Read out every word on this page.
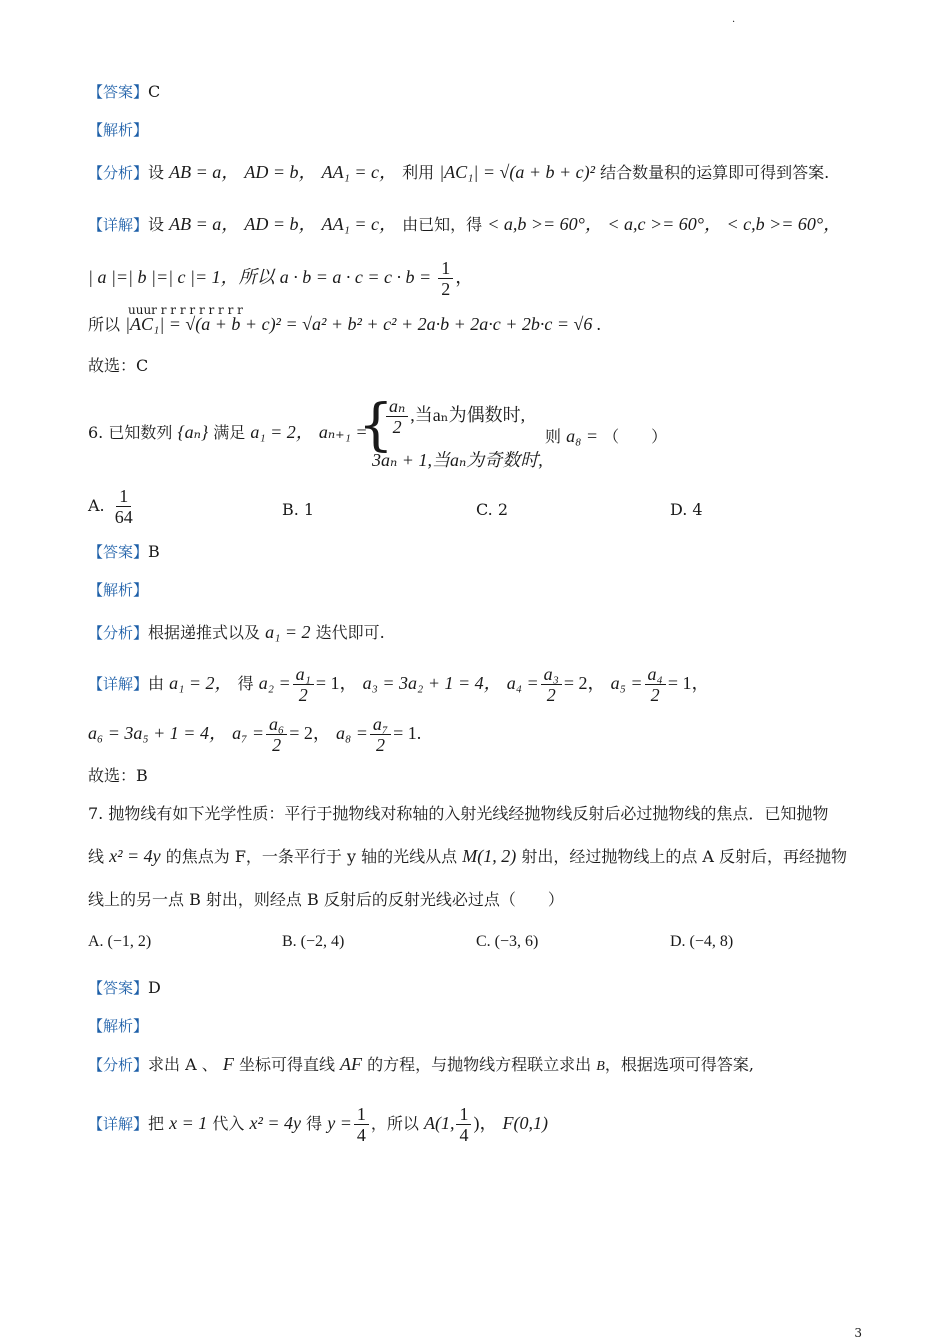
.
【答案】C
【解析】
【分析】设 AB = a， AD = b， AA₁ = c， 利用 |AC₁| = √(a + b + c)² 结合数量积的运算即可得到答案.
【详解】设 AB = a， AD = b， AA₁ = c， 由已知，得 < a,b >= 60°， < a,c >= 60°， < c,b >= 60°，
| a |=| b |=| c |= 1，所以 $a \cdot b = a \cdot c = c \cdot b = \frac{1}{2}$ ，
uuur r r r r r r r r r
所以 |AC₁| = √(a + b + c)² = √a² + b² + c² + 2a·b + 2a·c + 2b·c = √6 .
故选：C
6. 已知数列 {aₙ} 满足 a₁ = 2， aₙ₊₁ =
{
$\frac{\text{aₙ}}{2}$ ,当aₙ为偶数时,
3aₙ + 1,当aₙ为奇数时,
则 a₈ = （　　）
A. $\frac{1}{64}$	B. 1	C. 2	D. 4
【答案】B
【解析】
【分析】根据递推式以及 a₁ = 2 迭代即可.
【详解】由 a₁ = 2， 得 $a_2 = \frac{\text{a₁}}{2} = 1$， a₃ = 3a₂ + 1 = 4， $a_4 = \frac{\text{a₃}}{2} = 2$， $a_5 = \frac{\text{a₄}}{2} = 1$，
a₆ = 3a₅ + 1 = 4， $a_7 = \frac{\text{a₆}}{2} = 2$， $a_8 = \frac{\text{a₇}}{2} = 1$.
故选：B
7. 抛物线有如下光学性质：平行于抛物线对称轴的入射光线经抛物线反射后必过抛物线的焦点．已知抛物
线 x² = 4y 的焦点为 F，一条平行于 y 轴的光线从点 M(1, 2) 射出，经过抛物线上的点 A 反射后，再经抛物
线上的另一点 B 射出，则经点 B 反射后的反射光线必过点（　　）
A. (−1, 2)	B. (−2, 4)	C. (−3, 6)	D. (−4, 8)
【答案】D
【解析】
【分析】求出 A 、 F 坐标可得直线 AF 的方程，与抛物线方程联立求出 B，根据选项可得答案,
【详解】把 x = 1 代入 x² = 4y 得 $y = \frac{1}{4}$ ，所以 A(1, $\frac{1}{4}$ )， F(0,1)
3
